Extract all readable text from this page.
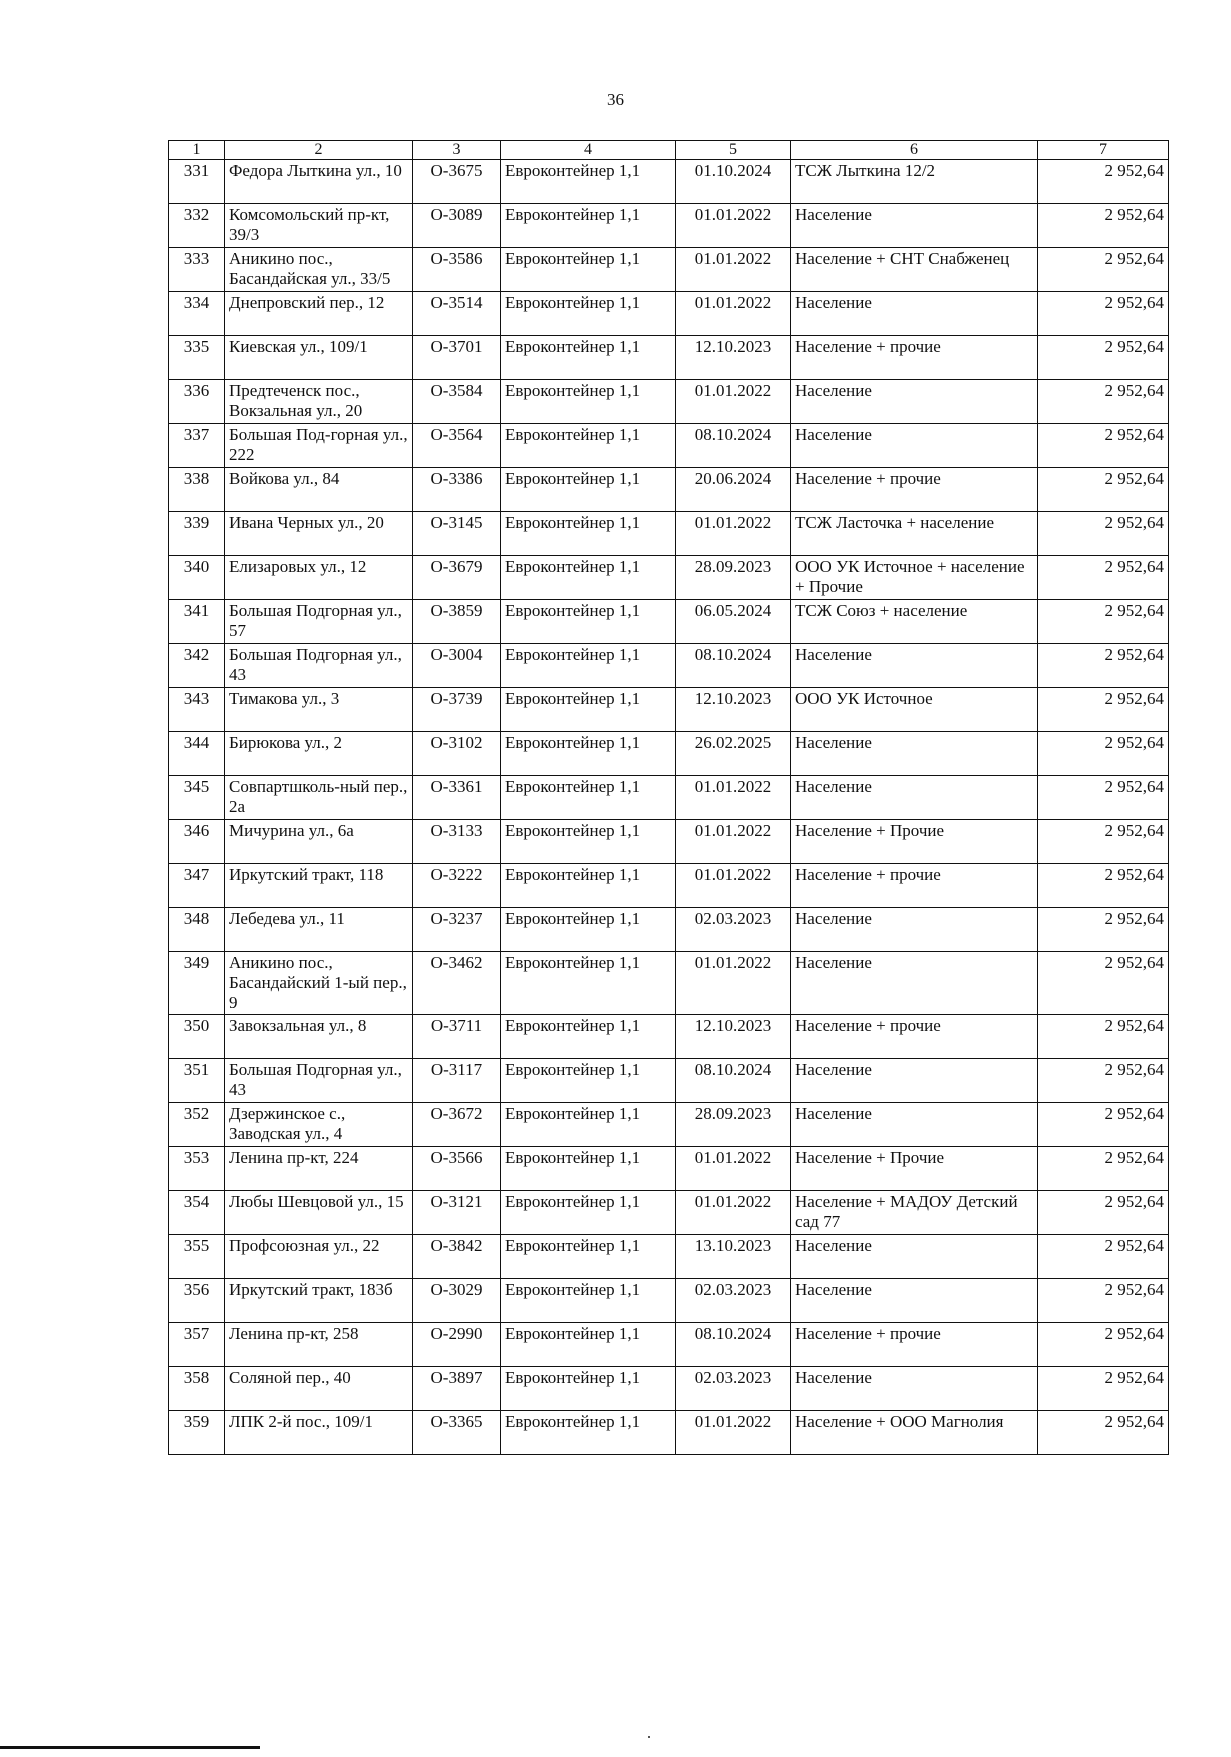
36
1	2	3	4	5	6	7
331	Федора Лыткина ул., 10	О-3675	Евроконтейнер 1,1	01.10.2024	ТСЖ Лыткина 12/2	2 952,64
332	Комсомольский пр-кт, 39/3	О-3089	Евроконтейнер 1,1	01.01.2022	Население	2 952,64
333	Аникино пос., Басандайская ул., 33/5	О-3586	Евроконтейнер 1,1	01.01.2022	Население + СНТ Снабженец	2 952,64
334	Днепровский пер., 12	О-3514	Евроконтейнер 1,1	01.01.2022	Население	2 952,64
335	Киевская ул., 109/1	О-3701	Евроконтейнер 1,1	12.10.2023	Население + прочие	2 952,64
336	Предтеченск пос., Вокзальная ул., 20	О-3584	Евроконтейнер 1,1	01.01.2022	Население	2 952,64
337	Большая Под-горная ул., 222	О-3564	Евроконтейнер 1,1	08.10.2024	Население	2 952,64
338	Войкова ул., 84	О-3386	Евроконтейнер 1,1	20.06.2024	Население + прочие	2 952,64
339	Ивана Черных ул., 20	О-3145	Евроконтейнер 1,1	01.01.2022	ТСЖ Ласточка + население	2 952,64
340	Елизаровых ул., 12	О-3679	Евроконтейнер 1,1	28.09.2023	ООО УК Источное + население + Прочие	2 952,64
341	Большая Подгорная ул., 57	О-3859	Евроконтейнер 1,1	06.05.2024	ТСЖ Союз + население	2 952,64
342	Большая Подгорная ул., 43	О-3004	Евроконтейнер 1,1	08.10.2024	Население	2 952,64
343	Тимакова ул., 3	О-3739	Евроконтейнер 1,1	12.10.2023	ООО УК Источное	2 952,64
344	Бирюкова ул., 2	О-3102	Евроконтейнер 1,1	26.02.2025	Население	2 952,64
345	Совпартшколь-ный пер., 2а	О-3361	Евроконтейнер 1,1	01.01.2022	Население	2 952,64
346	Мичурина ул., 6а	О-3133	Евроконтейнер 1,1	01.01.2022	Население + Прочие	2 952,64
347	Иркутский тракт, 118	О-3222	Евроконтейнер 1,1	01.01.2022	Население + прочие	2 952,64
348	Лебедева ул., 11	О-3237	Евроконтейнер 1,1	02.03.2023	Население	2 952,64
349	Аникино пос., Басандайский 1-ый пер., 9	О-3462	Евроконтейнер 1,1	01.01.2022	Население	2 952,64
350	Завокзальная ул., 8	О-3711	Евроконтейнер 1,1	12.10.2023	Население + прочие	2 952,64
351	Большая Подгорная ул., 43	О-3117	Евроконтейнер 1,1	08.10.2024	Население	2 952,64
352	Дзержинское с., Заводская ул., 4	О-3672	Евроконтейнер 1,1	28.09.2023	Население	2 952,64
353	Ленина пр-кт, 224	О-3566	Евроконтейнер 1,1	01.01.2022	Население + Прочие	2 952,64
354	Любы Шевцовой ул., 15	О-3121	Евроконтейнер 1,1	01.01.2022	Население + МАДОУ Детский сад 77	2 952,64
355	Профсоюзная ул., 22	О-3842	Евроконтейнер 1,1	13.10.2023	Население	2 952,64
356	Иркутский тракт, 183б	О-3029	Евроконтейнер 1,1	02.03.2023	Население	2 952,64
357	Ленина пр-кт, 258	О-2990	Евроконтейнер 1,1	08.10.2024	Население + прочие	2 952,64
358	Соляной пер., 40	О-3897	Евроконтейнер 1,1	02.03.2023	Население	2 952,64
359	ЛПК 2-й пос., 109/1	О-3365	Евроконтейнер 1,1	01.01.2022	Население + ООО Магнолия	2 952,64
